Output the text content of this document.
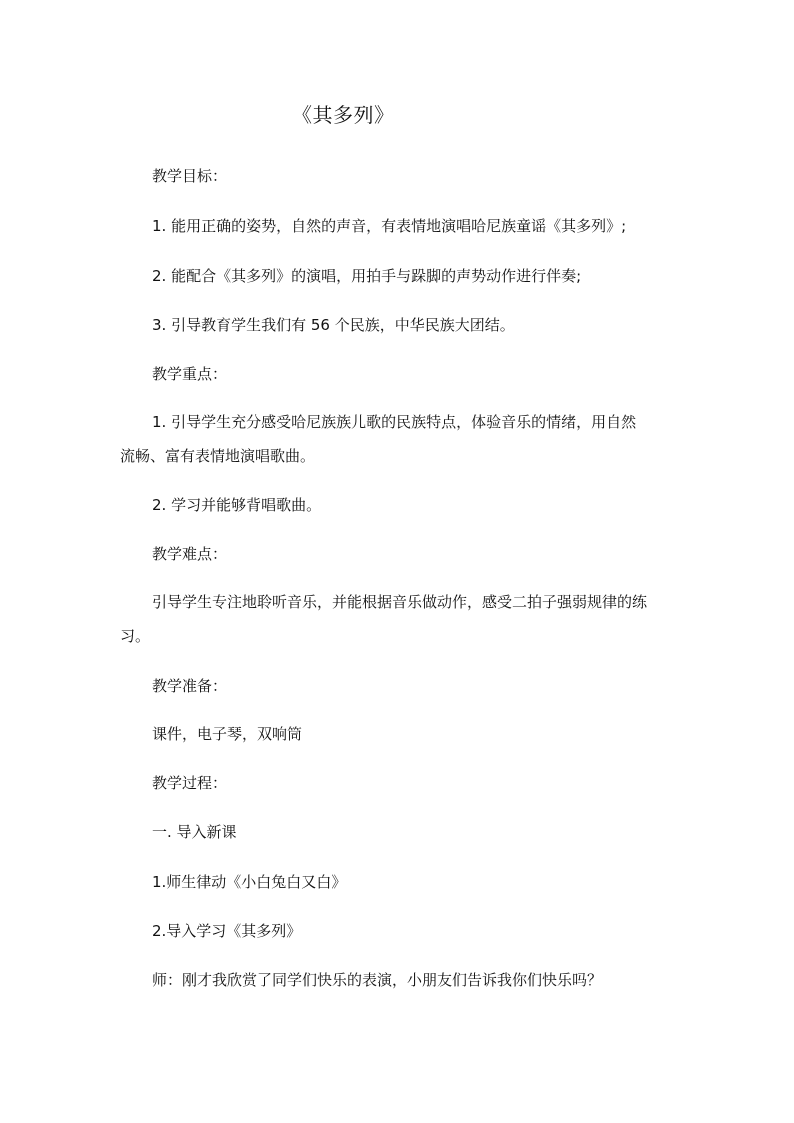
《其多列》
教学目标：
1. 能用正确的姿势，自然的声音，有表情地演唱哈尼族童谣《其多列》;
2. 能配合《其多列》的演唱，用拍手与跺脚的声势动作进行伴奏;
3. 引导教育学生我们有 56 个民族，中华民族大团结。
教学重点：
1. 引导学生充分感受哈尼族族儿歌的民族特点，体验音乐的情绪，用自然
流畅、富有表情地演唱歌曲。
2. 学习并能够背唱歌曲。
教学难点：
引导学生专注地聆听音乐，并能根据音乐做动作，感受二拍子强弱规律的练
习。
教学准备：
课件，电子琴，双响筒
教学过程：
一. 导入新课
1.师生律动《小白兔白又白》
2.导入学习《其多列》
师：刚才我欣赏了同学们快乐的表演，小朋友们告诉我你们快乐吗？
